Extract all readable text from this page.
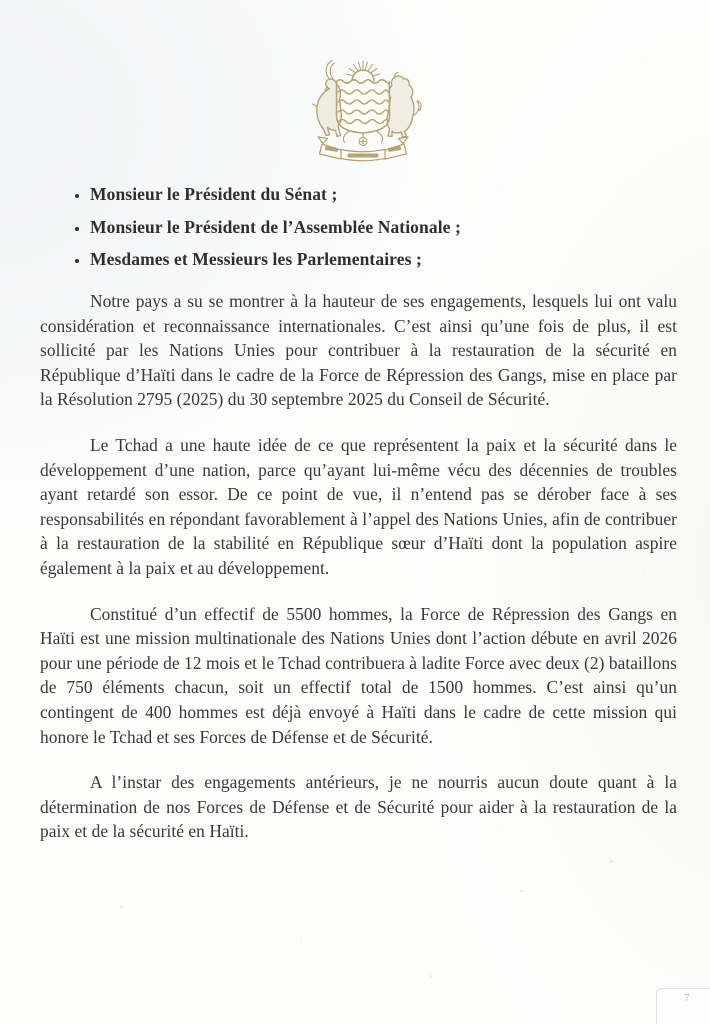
• Monsieur le Président du Sénat ;
• Monsieur le Président de l’Assemblée Nationale ;
• Mesdames et Messieurs les Parlementaires ;

Notre pays a su se montrer à la hauteur de ses engagements, lesquels lui ont valu considération et reconnaissance internationales. C’est ainsi qu’une fois de plus, il est sollicité par les Nations Unies pour contribuer à la restauration de la sécurité en République d’Haïti dans le cadre de la Force de Répression des Gangs, mise en place par la Résolution 2795 (2025) du 30 septembre 2025 du Conseil de Sécurité.

Le Tchad a une haute idée de ce que représentent la paix et la sécurité dans le développement d’une nation, parce qu’ayant lui-même vécu des décennies de troubles ayant retardé son essor. De ce point de vue, il n’entend pas se dérober face à ses responsabilités en répondant favorablement à l’appel des Nations Unies, afin de contribuer à la restauration de la stabilité en République sœur d’Haïti dont la population aspire également à la paix et au développement.

Constitué d’un effectif de 5500 hommes, la Force de Répression des Gangs en Haïti est une mission multinationale des Nations Unies dont l’action débute en avril 2026 pour une période de 12 mois et le Tchad contribuera à ladite Force avec deux (2) bataillons de 750 éléments chacun, soit un effectif total de 1500 hommes. C’est ainsi qu’un contingent de 400 hommes est déjà envoyé à Haïti dans le cadre de cette mission qui honore le Tchad et ses Forces de Défense et de Sécurité.

A l’instar des engagements antérieurs, je ne nourris aucun doute quant à la détermination de nos Forces de Défense et de Sécurité pour aider à la restauration de la paix et de la sécurité en Haïti.

7
